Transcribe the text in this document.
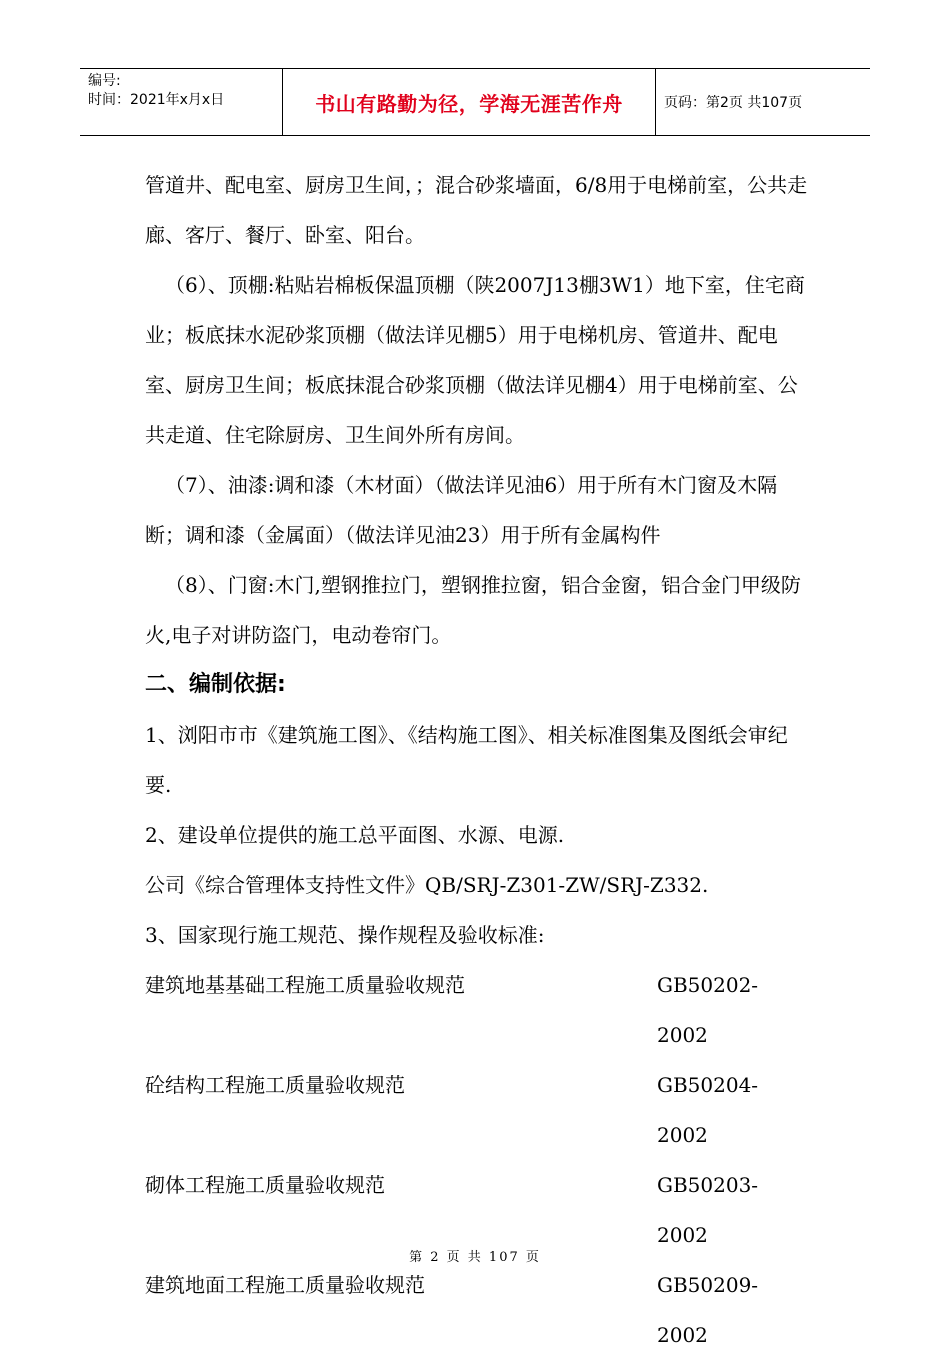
编号:
时间：2021年x月x日	书山有路勤为径，学海无涯苦作舟	页码：第2页 共107页

管道井、配电室、厨房卫生间，；混合砂浆墙面，6/8用于电梯前室，公共走廊、客厅、餐厅、卧室、阳台。

（6）、顶棚:粘贴岩棉板保温顶棚（陕2007J13棚3W1）地下室，住宅商业；板底抹水泥砂浆顶棚（做法详见棚5）用于电梯机房、管道井、配电室、厨房卫生间；板底抹混合砂浆顶棚（做法详见棚4）用于电梯前室、公共走道、住宅除厨房、卫生间外所有房间。

（7）、油漆:调和漆（木材面）（做法详见油6）用于所有木门窗及木隔断；调和漆（金属面）（做法详见油23）用于所有金属构件

（8）、门窗:木门,塑钢推拉门，塑钢推拉窗，铝合金窗，铝合金门甲级防火,电子对讲防盗门，电动卷帘门。

二、编制依据:

1、浏阳市市《建筑施工图》、《结构施工图》、相关标准图集及图纸会审纪要.

2、建设单位提供的施工总平面图、水源、电源.

公司《综合管理体支持性文件》QB/SRJ-Z301-ZW/SRJ-Z332.

3、国家现行施工规范、操作规程及验收标准:

建筑地基基础工程施工质量验收规范	GB50202-2002
砼结构工程施工质量验收规范	GB50204-2002
砌体工程施工质量验收规范	GB50203-2002
建筑地面工程施工质量验收规范	GB50209-2002
第 2 页 共 107 页
